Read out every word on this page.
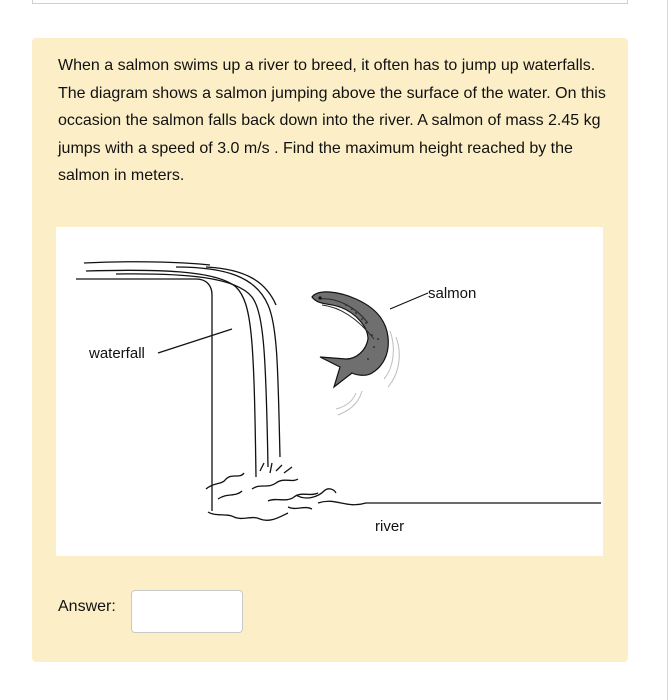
When a salmon swims up a river to breed, it often has to jump up waterfalls. The diagram shows a salmon jumping above the surface of the water. On this occasion the salmon falls back down into the river. A salmon of mass 2.45 kg jumps with a speed of 3.0 m/s . Find the maximum height reached by the salmon in meters.

salmon
waterfall
river
Answer:
